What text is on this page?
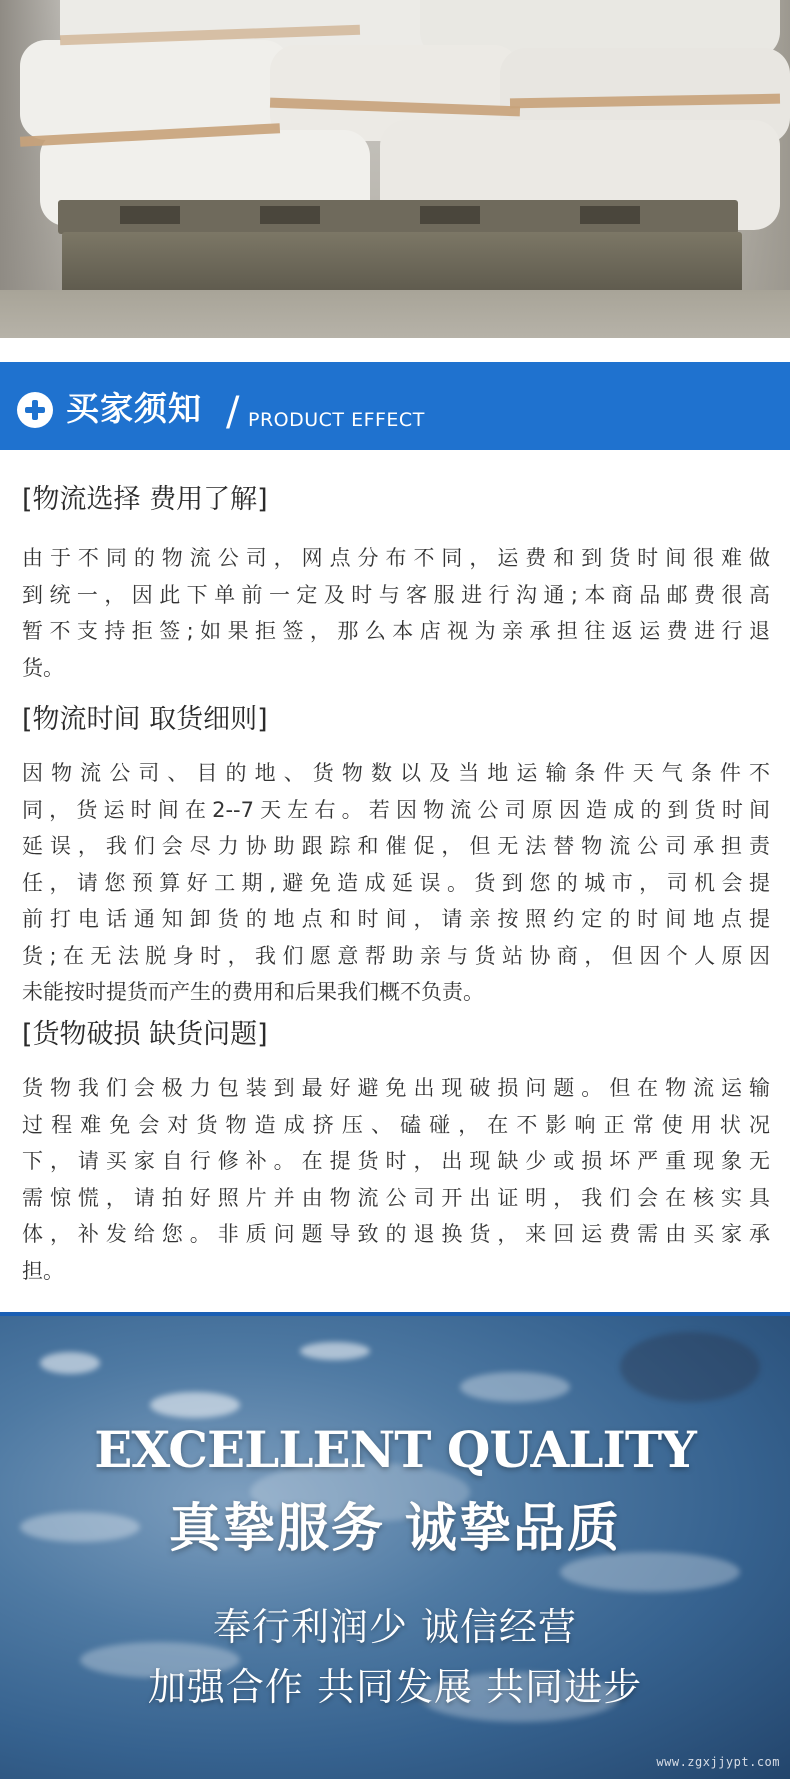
买家须知 / PRODUCT EFFECT
[物流选择 费用了解]
由于不同的物流公司，网点分布不同，运费和到货时间很难做
到统一，因此下单前一定及时与客服进行沟通;本商品邮费很高
暂不支持拒签;如果拒签，那么本店视为亲承担往返运费进行退
货。
[物流时间 取货细则]
因物流公司、目的地、货物数以及当地运输条件天气条件不
同，货运时间在2--7天左右。若因物流公司原因造成的到货时间
延误，我们会尽力协助跟踪和催促，但无法替物流公司承担责
任，请您预算好工期,避免造成延误。货到您的城市，司机会提
前打电话通知卸货的地点和时间，请亲按照约定的时间地点提
货;在无法脱身时，我们愿意帮助亲与货站协商，但因个人原因
未能按时提货而产生的费用和后果我们概不负责。
[货物破损 缺货问题]
货物我们会极力包装到最好避免出现破损问题。但在物流运输
过程难免会对货物造成挤压、磕碰，在不影响正常使用状况
下，请买家自行修补。在提货时，出现缺少或损坏严重现象无
需惊慌，请拍好照片并由物流公司开出证明，我们会在核实具
体，补发给您。非质问题导致的退换货，来回运费需由买家承
担。
EXCELLENT QUALITY
真挚服务 诚挚品质
奉行利润少 诚信经营
加强合作 共同发展 共同进步
www.zgxjjypt.com
